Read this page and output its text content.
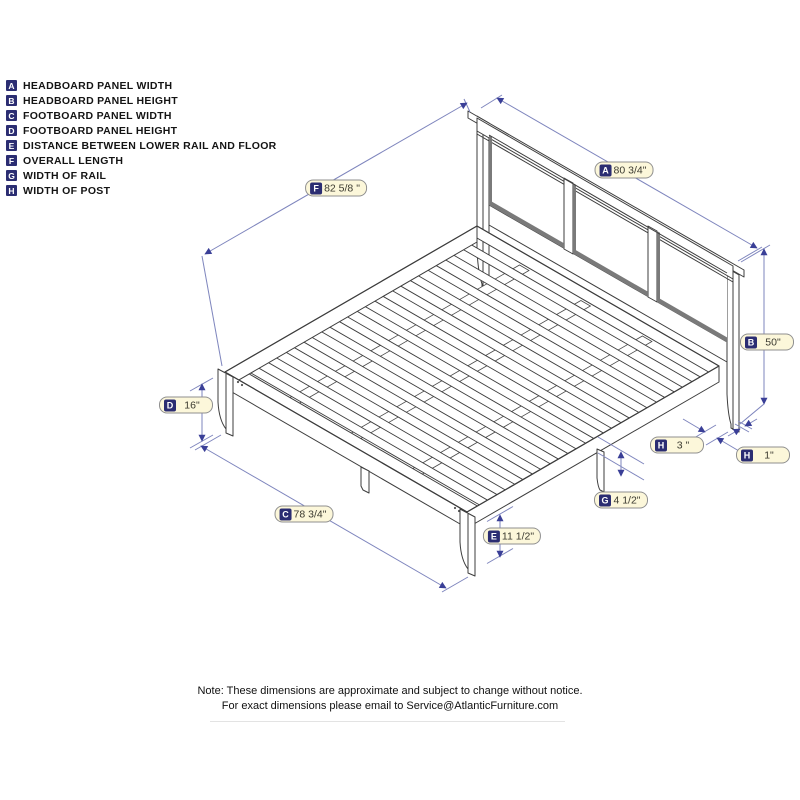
A HEADBOARD PANEL WIDTH
B HEADBOARD PANEL HEIGHT
C FOOTBOARD PANEL WIDTH
D FOOTBOARD PANEL HEIGHT
E DISTANCE BETWEEN LOWER RAIL AND FLOOR
F OVERALL LENGTH
G WIDTH OF RAIL
H WIDTH OF POST	F 82 5/8 "
A 80 3/4"
B	50"
D	16"
H	3 "
H	1"
G 4 1/2"
C 78 3/4"
E 11 1/2"
Note: These dimensions are approximate and subject to change without notice.
For exact dimensions please email to Service@AtlanticFurniture.com
